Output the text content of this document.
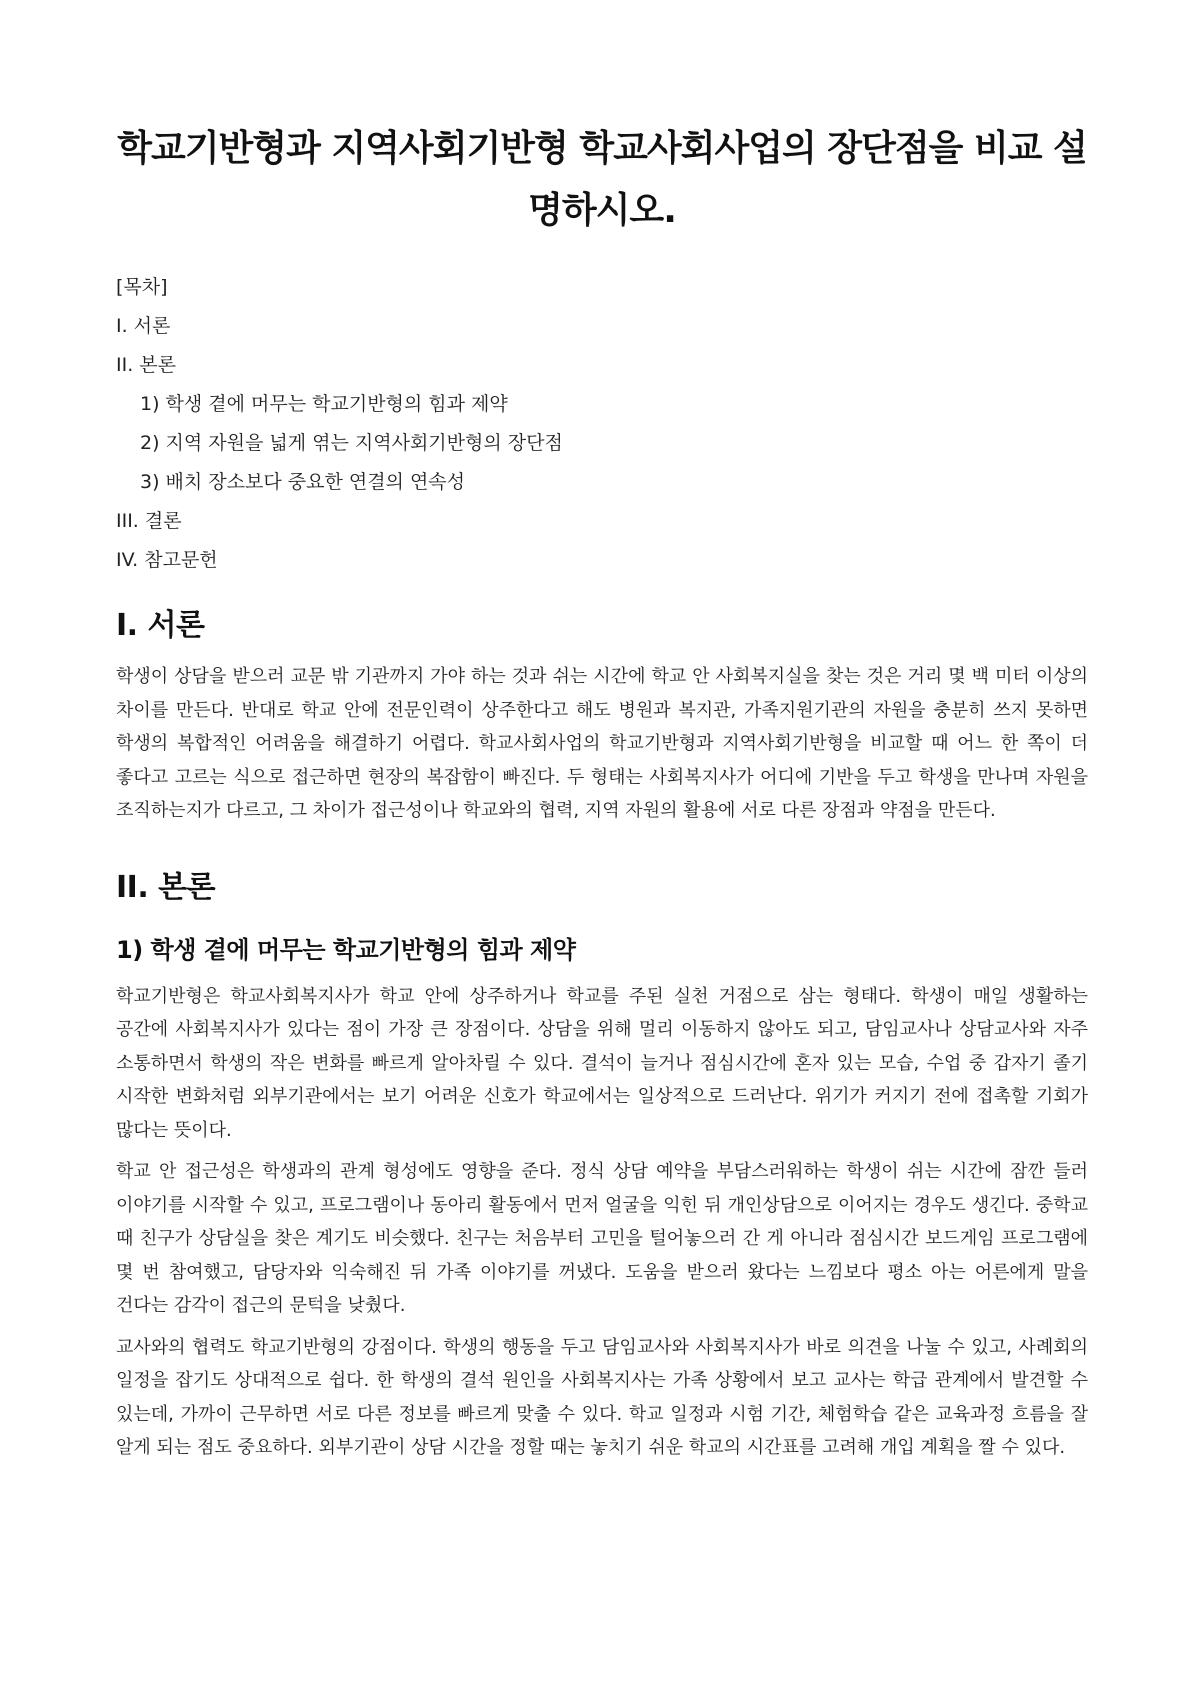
학교기반형과 지역사회기반형 학교사회사업의 장단점을 비교 설명하시오.
[목차]
I. 서론
II. 본론
1) 학생 곁에 머무는 학교기반형의 힘과 제약
2) 지역 자원을 넓게 엮는 지역사회기반형의 장단점
3) 배치 장소보다 중요한 연결의 연속성
III. 결론
IV. 참고문헌
I. 서론

학생이 상담을 받으러 교문 밖 기관까지 가야 하는 것과 쉬는 시간에 학교 안 사회복지실을 찾는 것은 거리 몇 백 미터 이상의 차이를 만든다. 반대로 학교 안에 전문인력이 상주한다고 해도 병원과 복지관, 가족지원기관의 자원을 충분히 쓰지 못하면 학생의 복합적인 어려움을 해결하기 어렵다. 학교사회사업의 학교기반형과 지역사회기반형을 비교할 때 어느 한 쪽이 더 좋다고 고르는 식으로 접근하면 현장의 복잡함이 빠진다. 두 형태는 사회복지사가 어디에 기반을 두고 학생을 만나며 자원을 조직하는지가 다르고, 그 차이가 접근성이나 학교와의 협력, 지역 자원의 활용에 서로 다른 장점과 약점을 만든다.

II. 본론
1) 학생 곁에 머무는 학교기반형의 힘과 제약

학교기반형은 학교사회복지사가 학교 안에 상주하거나 학교를 주된 실천 거점으로 삼는 형태다. 학생이 매일 생활하는 공간에 사회복지사가 있다는 점이 가장 큰 장점이다. 상담을 위해 멀리 이동하지 않아도 되고, 담임교사나 상담교사와 자주 소통하면서 학생의 작은 변화를 빠르게 알아차릴 수 있다. 결석이 늘거나 점심시간에 혼자 있는 모습, 수업 중 갑자기 졸기 시작한 변화처럼 외부기관에서는 보기 어려운 신호가 학교에서는 일상적으로 드러난다. 위기가 커지기 전에 접촉할 기회가 많다는 뜻이다.

학교 안 접근성은 학생과의 관계 형성에도 영향을 준다. 정식 상담 예약을 부담스러워하는 학생이 쉬는 시간에 잠깐 들러 이야기를 시작할 수 있고, 프로그램이나 동아리 활동에서 먼저 얼굴을 익힌 뒤 개인상담으로 이어지는 경우도 생긴다. 중학교 때 친구가 상담실을 찾은 계기도 비슷했다. 친구는 처음부터 고민을 털어놓으러 간 게 아니라 점심시간 보드게임 프로그램에 몇 번 참여했고, 담당자와 익숙해진 뒤 가족 이야기를 꺼냈다. 도움을 받으러 왔다는 느낌보다 평소 아는 어른에게 말을 건다는 감각이 접근의 문턱을 낮췄다.

교사와의 협력도 학교기반형의 강점이다. 학생의 행동을 두고 담임교사와 사회복지사가 바로 의견을 나눌 수 있고, 사례회의 일정을 잡기도 상대적으로 쉽다. 한 학생의 결석 원인을 사회복지사는 가족 상황에서 보고 교사는 학급 관계에서 발견할 수 있는데, 가까이 근무하면 서로 다른 정보를 빠르게 맞출 수 있다. 학교 일정과 시험 기간, 체험학습 같은 교육과정 흐름을 잘 알게 되는 점도 중요하다. 외부기관이 상담 시간을 정할 때는 놓치기 쉬운 학교의 시간표를 고려해 개입 계획을 짤 수 있다.
